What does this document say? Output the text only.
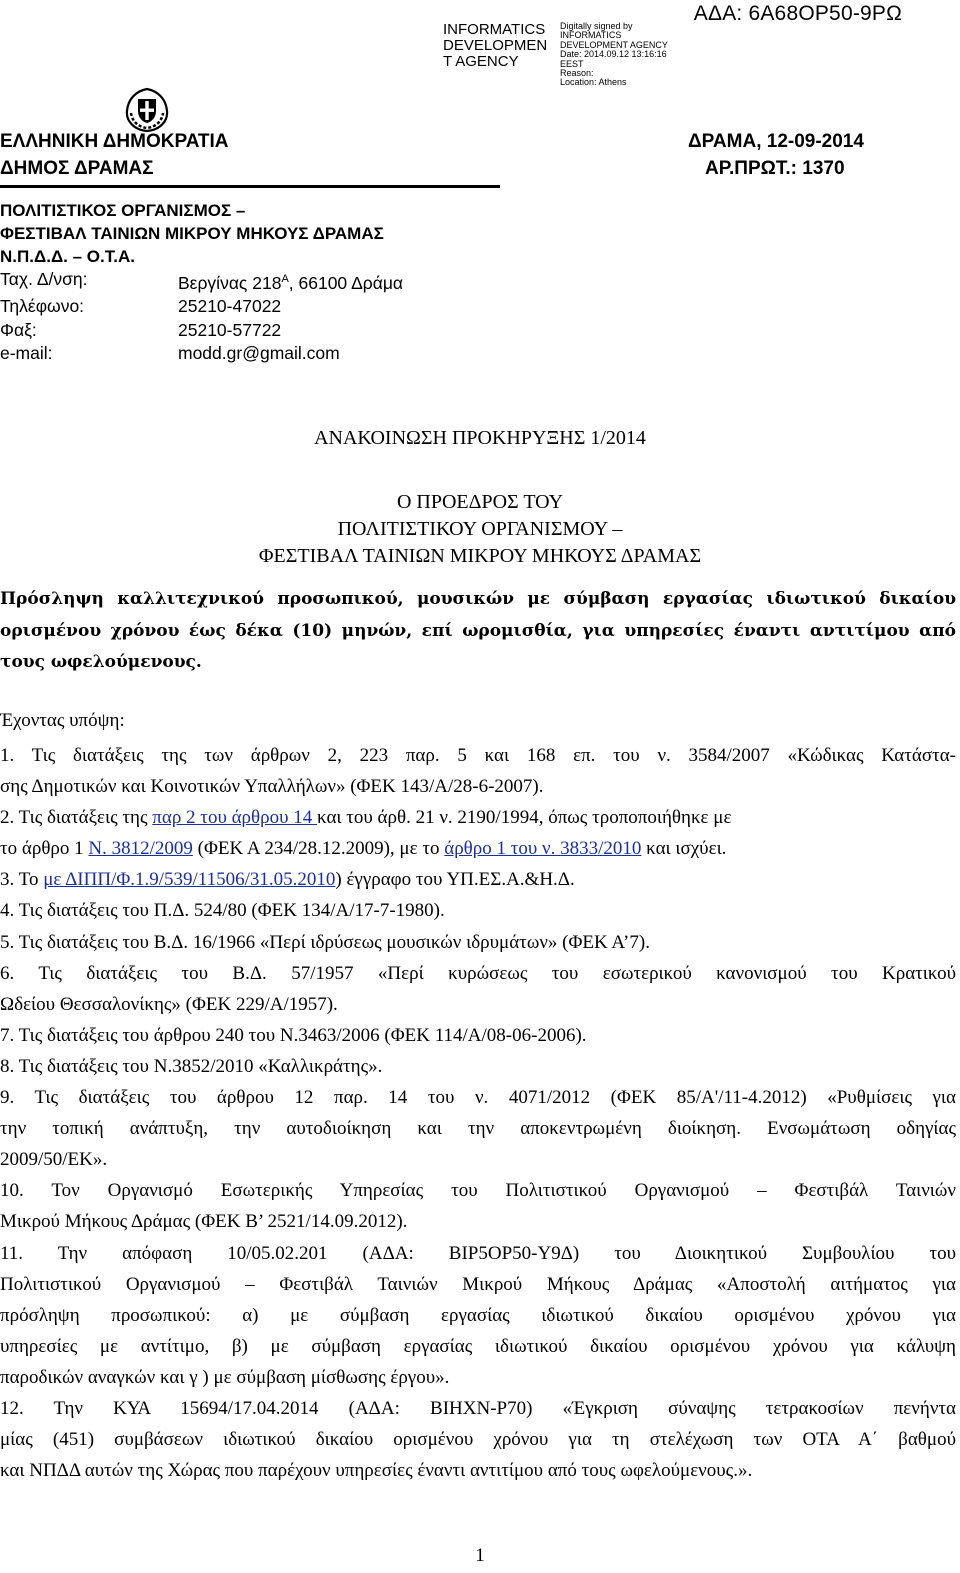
ΑΔΑ: 6Α68ΟΡ50-9ΡΩ
INFORMATICS
DEVELOPMEN
T AGENCY
Digitally signed by
INFORMATICS
DEVELOPMENT AGENCY
Date: 2014.09.12 13:16:16
EEST
Reason:
Location: Athens
ΕΛΛΗΝΙΚΗ ΔΗΜΟΚΡΑΤΙΑ
ΔΗΜΟΣ ΔΡΑΜΑΣ
ΔΡΑΜΑ, 12-09-2014
ΑΡ.ΠΡΩΤ.: 1370
ΠΟΛΙΤΙΣΤΙΚΟΣ ΟΡΓΑΝΙΣΜΟΣ –
ΦΕΣΤΙΒΑΛ ΤΑΙΝΙΩΝ ΜΙΚΡΟΥ ΜΗΚΟΥΣ ΔΡΑΜΑΣ
Ν.Π.Δ.Δ. – Ο.Τ.Α.
Ταχ. Δ/νση:	Βεργίνας $218^A$, 66100 Δράμα
Τηλέφωνο:	25210-47022
Φαξ:	25210-57722
e-mail:	modd.gr@gmail.com
ΑΝΑΚΟΙΝΩΣΗ ΠΡΟΚΗΡΥΞΗΣ 1/2014
Ο ΠΡΟΕΔΡΟΣ ΤΟΥ
ΠΟΛΙΤΙΣΤΙΚΟΥ ΟΡΓΑΝΙΣΜΟΥ –
ΦΕΣΤΙΒΑΛ ΤΑΙΝΙΩΝ ΜΙΚΡΟΥ ΜΗΚΟΥΣ ΔΡΑΜΑΣ
Πρόσληψη καλλιτεχνικού προσωπικού, μουσικών με σύμβαση εργασίας ιδιωτικού δικαίου
ορισμένου χρόνου έως δέκα (10) μηνών, επί ωρομισθία, για υπηρεσίες έναντι αντιτίμου από
τους ωφελούμενους.
Έχοντας υπόψη:
1. Τις διατάξεις της των άρθρων 2, 223 παρ. 5 και 168 επ. του ν. 3584/2007 «Κώδικας Κατάστα-
σης Δημοτικών και Κοινοτικών Υπαλλήλων» (ΦΕΚ 143/Α/28-6-2007).
2. Τις διατάξεις της παρ 2 του άρθρου 14 και του άρθ. 21 ν. 2190/1994, όπως τροποποιήθηκε με
το άρθρο 1 Ν. 3812/2009 (ΦΕΚ Α 234/28.12.2009), με το άρθρο 1 του ν. 3833/2010 και ισχύει.
3. Το με ΔΙΠΠ/Φ.1.9/539/11506/31.05.2010) έγγραφο του ΥΠ.ΕΣ.Α.&Η.Δ.
4. Τις διατάξεις του Π.Δ. 524/80 (ΦΕΚ 134/Α/17-7-1980).
5. Τις διατάξεις του Β.Δ. 16/1966 «Περί ιδρύσεως μουσικών ιδρυμάτων» (ΦΕΚ Α’7).
6. Τις διατάξεις του Β.Δ. 57/1957 «Περί κυρώσεως του εσωτερικού κανονισμού του Κρατικού
Ωδείου Θεσσαλονίκης» (ΦΕΚ 229/Α/1957).
7. Τις διατάξεις του άρθρου 240 του Ν.3463/2006 (ΦΕΚ 114/Α/08-06-2006).
8. Τις διατάξεις του Ν.3852/2010 «Καλλικράτης».
9. Τις διατάξεις του άρθρου 12 παρ. 14 του ν. 4071/2012 (ΦΕΚ 85/Α'/11-4.2012) «Ρυθμίσεις για
την τοπική ανάπτυξη, την αυτοδιοίκηση και την αποκεντρωμένη διοίκηση. Ενσωμάτωση οδηγίας
2009/50/ΕΚ».
10. Τον Οργανισμό Εσωτερικής Υπηρεσίας του Πολιτιστικού Οργανισμού – Φεστιβάλ Ταινιών
Μικρού Μήκους Δράμας (ΦΕΚ Β’ 2521/14.09.2012).
11. Την απόφαση 10/05.02.201 (ΑΔΑ: ΒΙΡ5ΟΡ50-Υ9Δ) του Διοικητικού Συμβουλίου του
Πολιτιστικού Οργανισμού – Φεστιβάλ Ταινιών Μικρού Μήκους Δράμας «Αποστολή αιτήματος για
πρόσληψη προσωπικού: α) με σύμβαση εργασίας ιδιωτικού δικαίου ορισμένου χρόνου για
υπηρεσίες με αντίτιμο, β) με σύμβαση εργασίας ιδιωτικού δικαίου ορισμένου χρόνου για κάλυψη
παροδικών αναγκών και γ ) με σύμβαση μίσθωσης έργου».
12. Την ΚΥΑ 15694/17.04.2014 (ΑΔΑ: ΒΙΗΧΝ-Ρ70) «Έγκριση σύναψης τετρακοσίων πενήντα
μίας (451) συμβάσεων ιδιωτικού δικαίου ορισμένου χρόνου για τη στελέχωση των ΟΤΑ Α΄ βαθμού
και ΝΠΔΔ αυτών της Χώρας που παρέχουν υπηρεσίες έναντι αντιτίμου από τους ωφελούμενους.».
1
